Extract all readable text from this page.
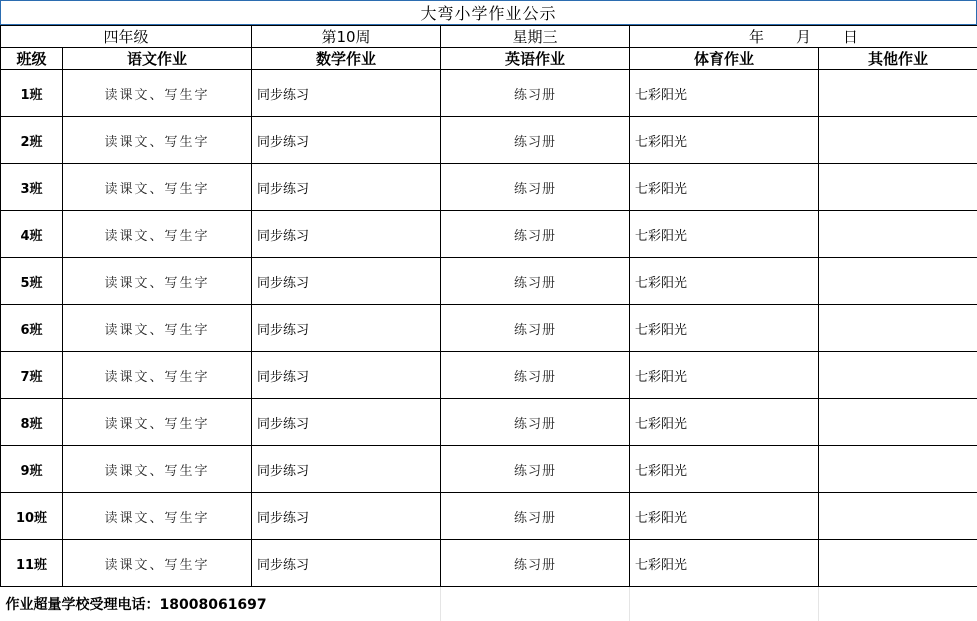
大弯小学作业公示
四年级		第10周	星期三	年 月 日	
班级	语文作业	数学作业	英语作业	体育作业	其他作业
1班	读课文、写生字	同步练习	练习册	七彩阳光	
2班	读课文、写生字	同步练习	练习册	七彩阳光	
3班	读课文、写生字	同步练习	练习册	七彩阳光	
4班	读课文、写生字	同步练习	练习册	七彩阳光	
5班	读课文、写生字	同步练习	练习册	七彩阳光	
6班	读课文、写生字	同步练习	练习册	七彩阳光	
7班	读课文、写生字	同步练习	练习册	七彩阳光	
8班	读课文、写生字	同步练习	练习册	七彩阳光	
9班	读课文、写生字	同步练习	练习册	七彩阳光	
10班	读课文、写生字	同步练习	练习册	七彩阳光	
11班	读课文、写生字	同步练习	练习册	七彩阳光	
作业超量学校受理电话：18008061697					
